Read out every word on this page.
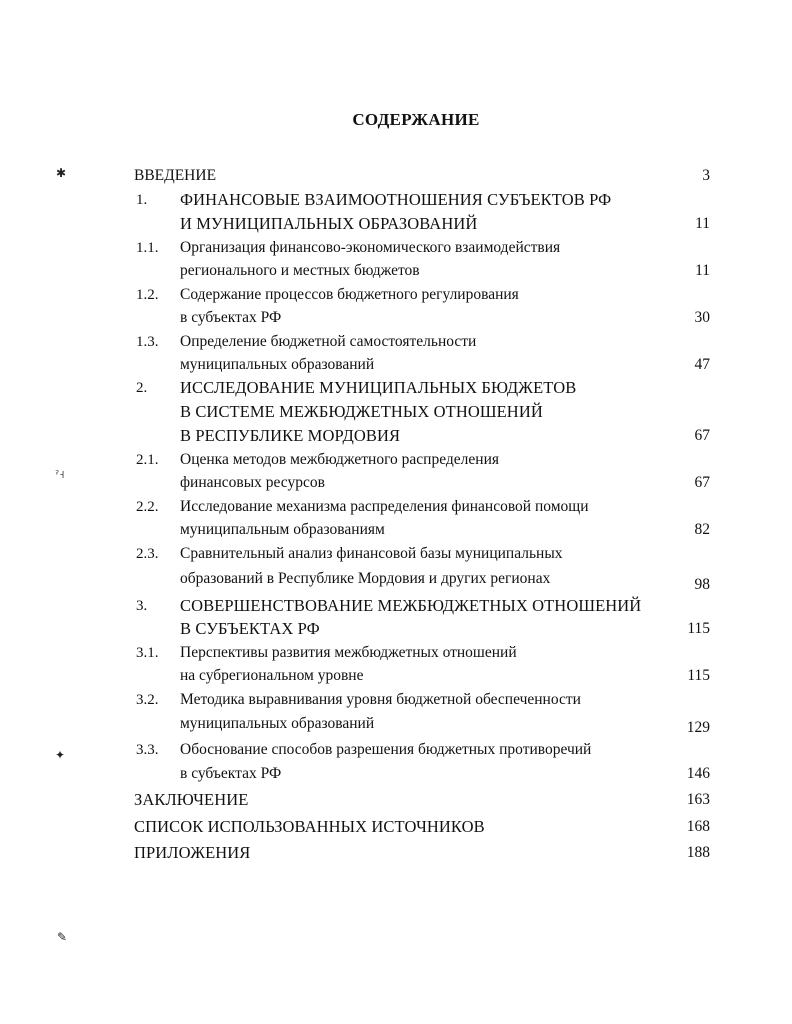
СОДЕРЖАНИЕ
ВВЕДЕНИЕ	3
1. ФИНАНСОВЫЕ ВЗАИМООТНОШЕНИЯ СУБЪЕКТОВ РФ
И МУНИЦИПАЛЬНЫХ ОБРАЗОВАНИЙ	11
1.1. Организация финансово-экономического взаимодействия
регионального и местных бюджетов	11
1.2. Содержание процессов бюджетного регулирования
в субъектах РФ	30
1.3. Определение бюджетной самостоятельности
муниципальных образований	47
2. ИССЛЕДОВАНИЕ МУНИЦИПАЛЬНЫХ БЮДЖЕТОВ
В СИСТЕМЕ МЕЖБЮДЖЕТНЫХ ОТНОШЕНИЙ
В РЕСПУБЛИКЕ МОРДОВИЯ	67
2.1. Оценка методов межбюджетного распределения
финансовых ресурсов	67
2.2. Исследование механизма распределения финансовой помощи
муниципальным образованиям	82
2.3. Сравнительный анализ финансовой базы муниципальных
образований в Республике Мордовия и других регионах	98
3. СОВЕРШЕНСТВОВАНИЕ МЕЖБЮДЖЕТНЫХ ОТНОШЕНИЙ
В СУБЪЕКТАХ РФ	115
3.1. Перспективы развития межбюджетных отношений
на субрегиональном уровне	115
3.2. Методика выравнивания уровня бюджетной обеспеченности
муниципальных образований	129
3.3. Обоснование способов разрешения бюджетных противоречий
в субъектах РФ	146
ЗАКЛЮЧЕНИЕ	163
СПИСОК ИСПОЛЬЗОВАННЫХ ИСТОЧНИКОВ	168
ПРИЛОЖЕНИЯ	188
✱
ˀ˧
✦
✎
